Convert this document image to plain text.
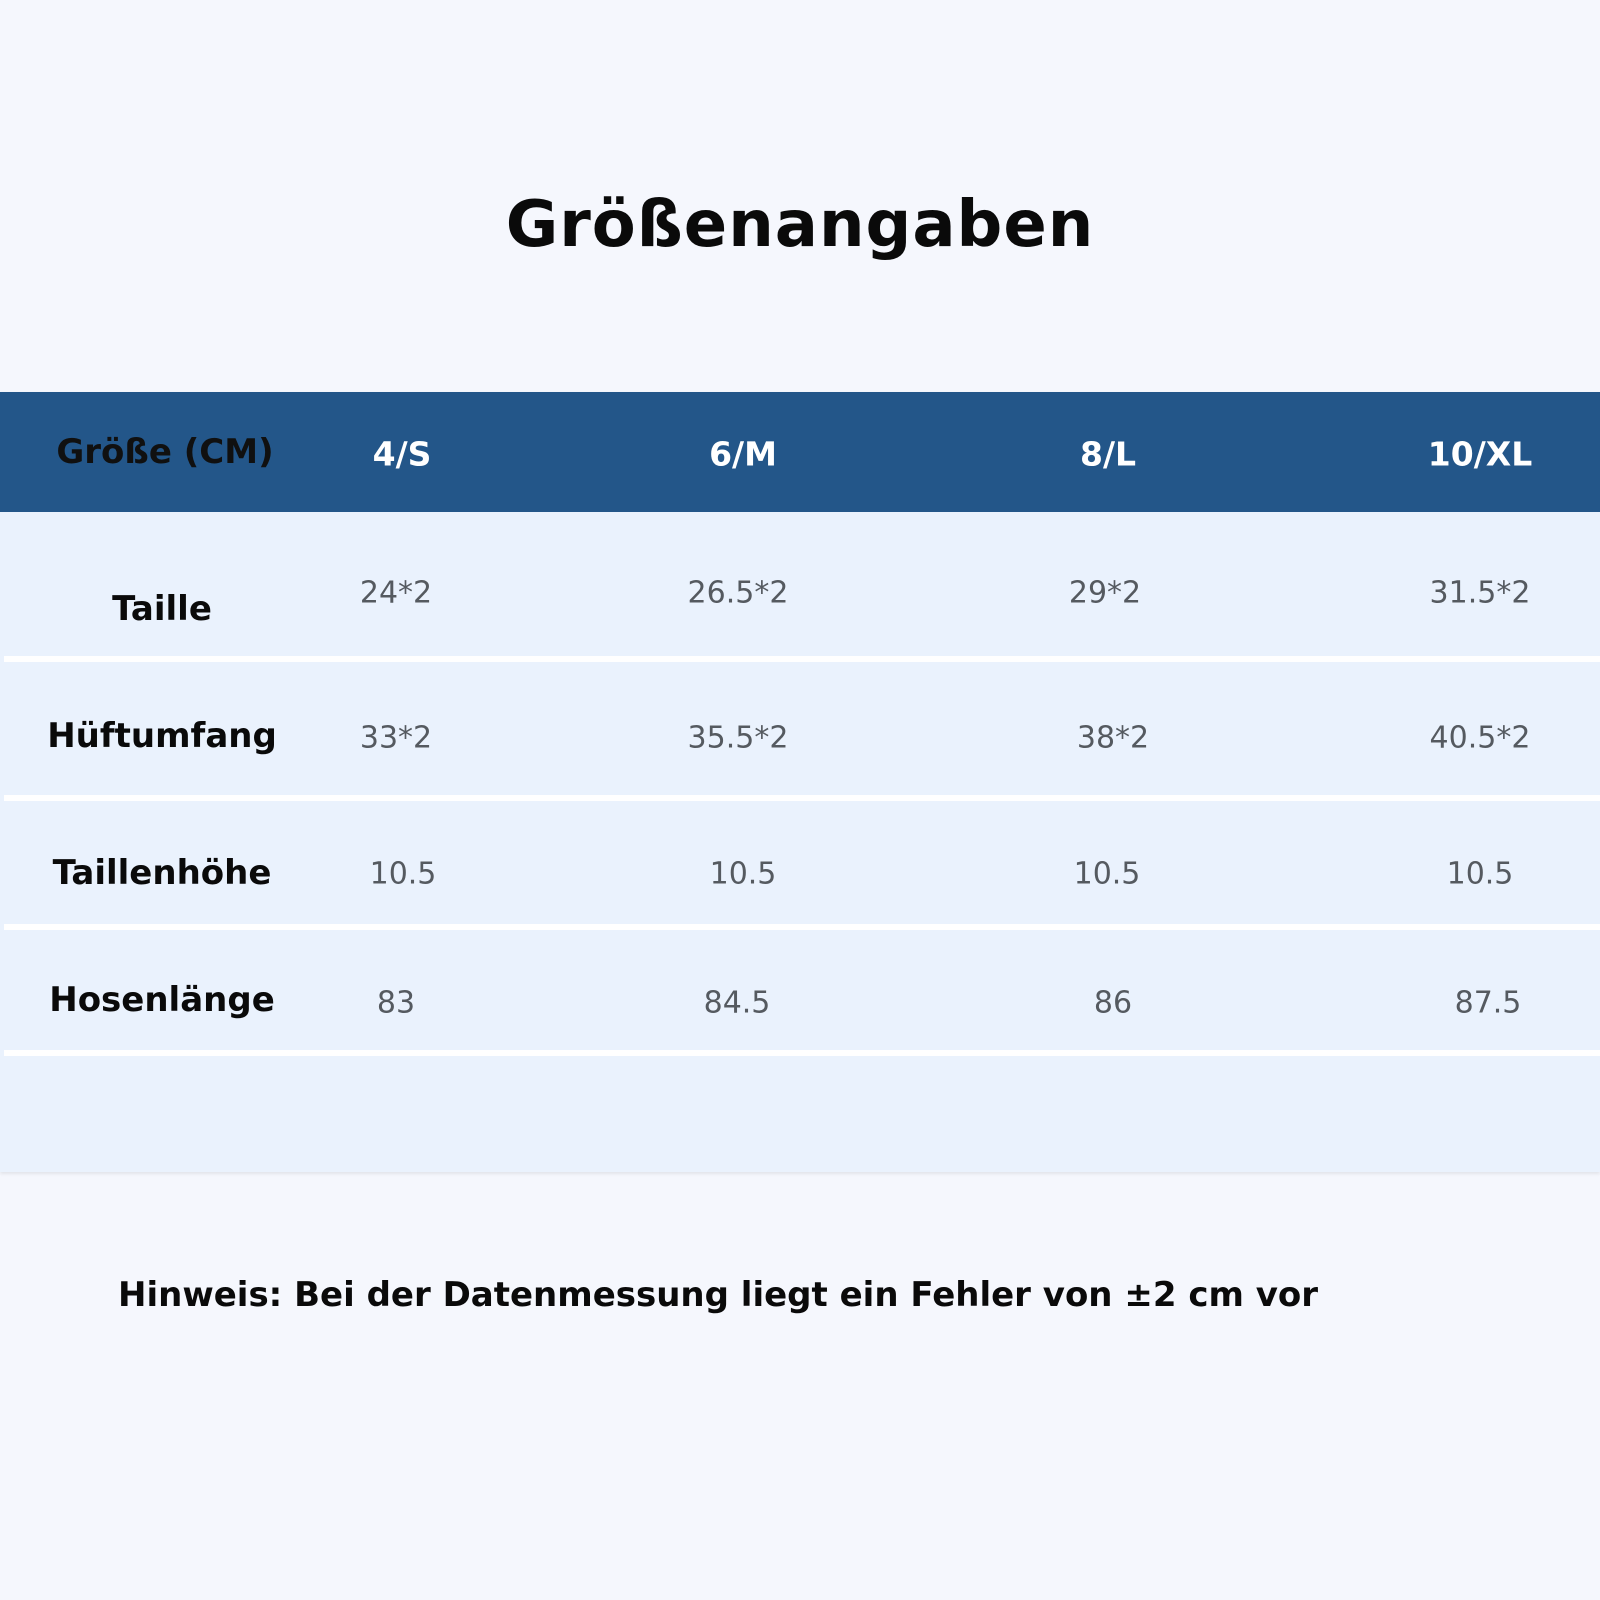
Größenangaben
Größe (CM)	4/S	6/M	8/L	10/XL
Taille	24*2	26.5*2	29*2	31.5*2
Hüftumfang	33*2	35.5*2	38*2	40.5*2
Taillenhöhe	10.5	10.5	10.5	10.5
Hosenlänge	83	84.5	86	87.5

Hinweis: Bei der Datenmessung liegt ein Fehler von ±2 cm vor
